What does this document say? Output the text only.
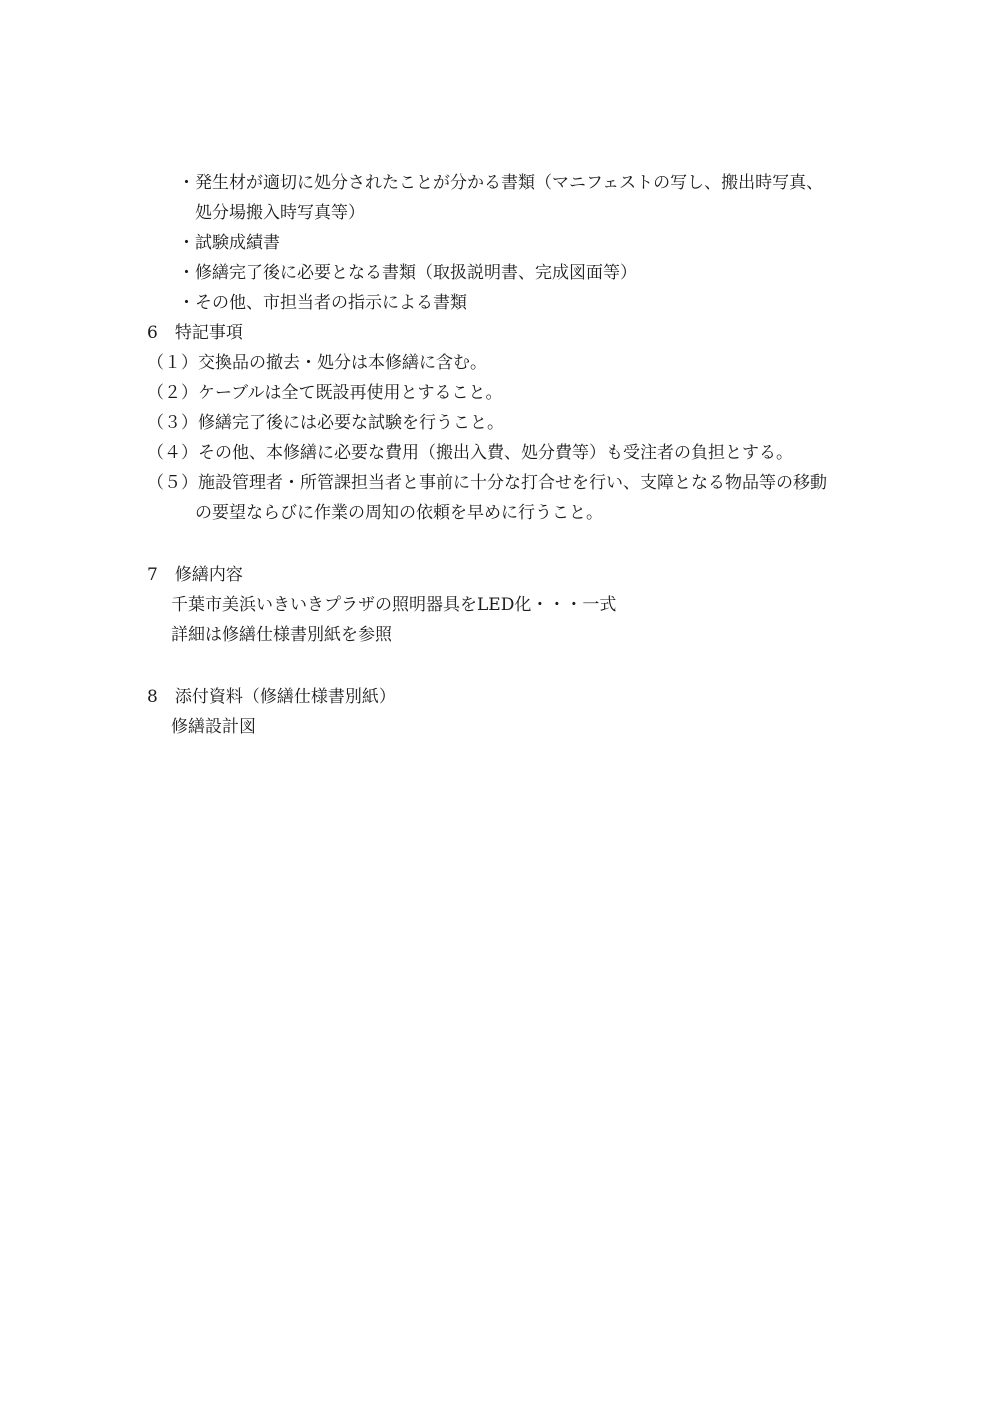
・発生材が適切に処分されたことが分かる書類（マニフェストの写し、搬出時写真、
処分場搬入時写真等）
・試験成績書
・修繕完了後に必要となる書類（取扱説明書、完成図面等）
・その他、市担当者の指示による書類
6　特記事項
（１）交換品の撤去・処分は本修繕に含む。
（２）ケーブルは全て既設再使用とすること。
（３）修繕完了後には必要な試験を行うこと。
（４）その他、本修繕に必要な費用（搬出入費、処分費等）も受注者の負担とする。
（５）施設管理者・所管課担当者と事前に十分な打合せを行い、支障となる物品等の移動
の要望ならびに作業の周知の依頼を早めに行うこと。
7　修繕内容
千葉市美浜いきいきプラザの照明器具をLED化・・・一式
詳細は修繕仕様書別紙を参照
8　添付資料（修繕仕様書別紙）
修繕設計図
